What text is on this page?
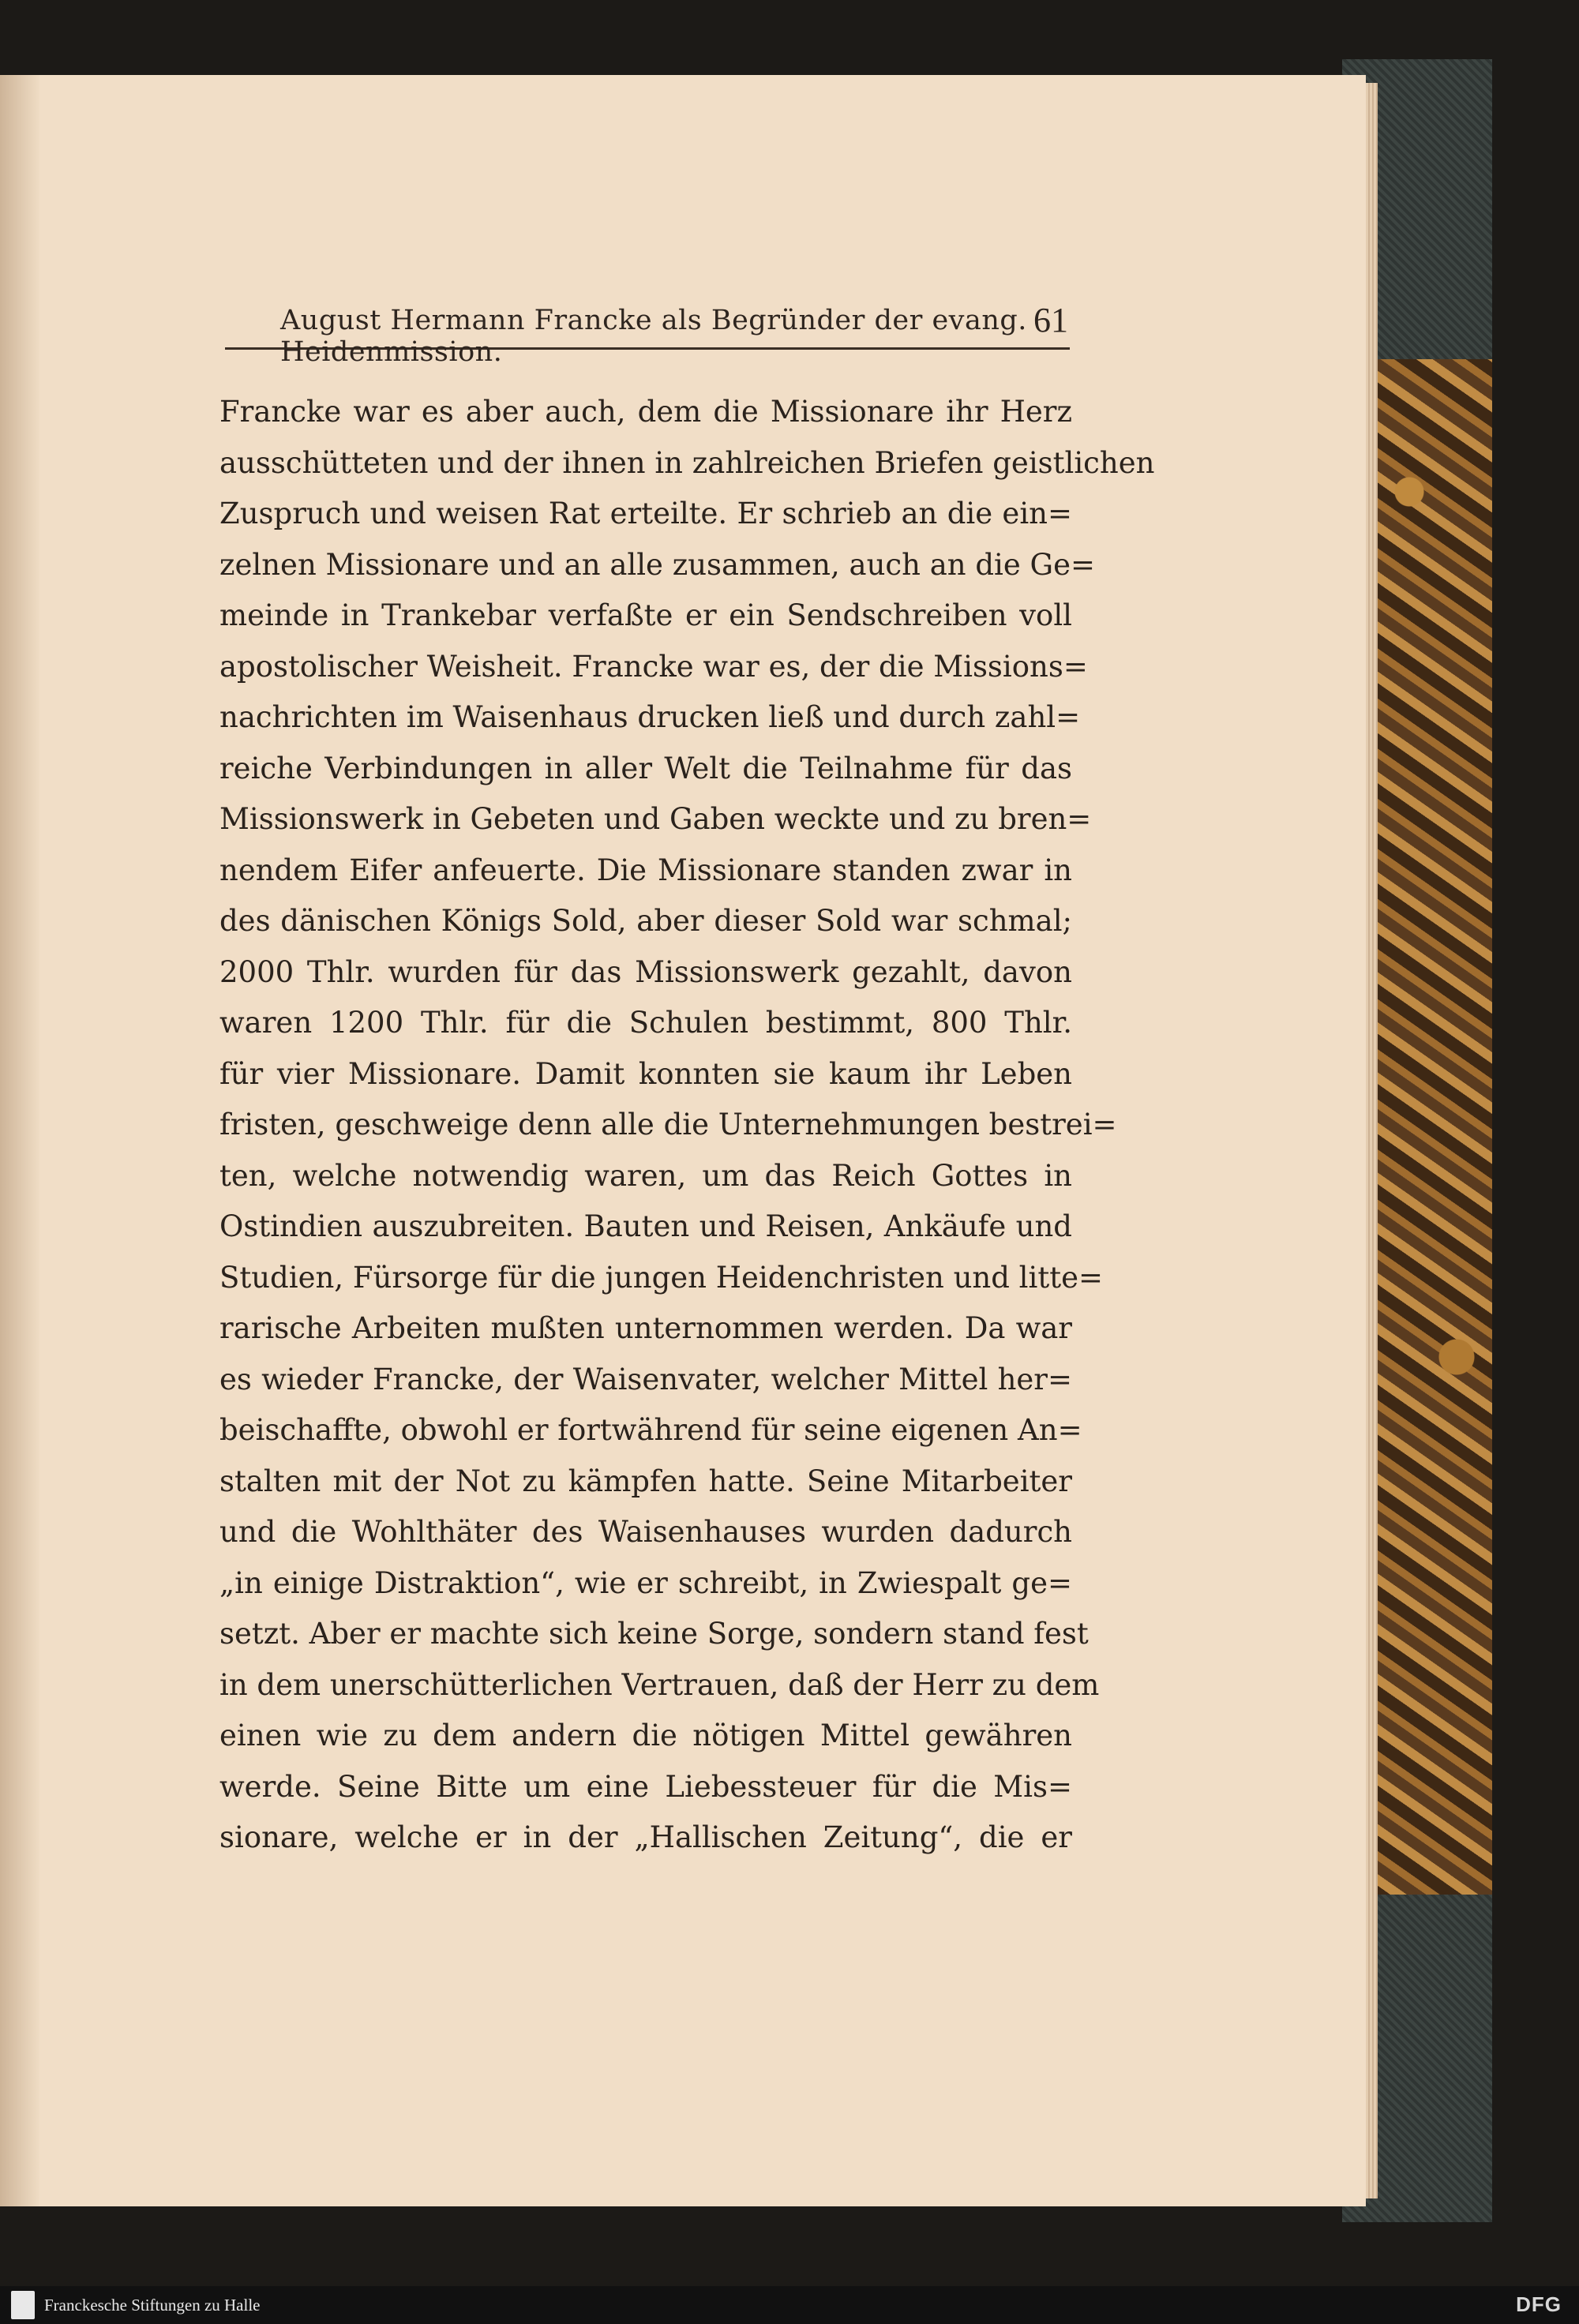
August Hermann Francke als Begründer der evang. Heidenmission.
61
Francke war es aber auch, dem die Missionare ihr Herz
ausschütteten und der ihnen in zahlreichen Briefen geistlichen
Zuspruch und weisen Rat erteilte. Er schrieb an die ein=
zelnen Missionare und an alle zusammen, auch an die Ge=
meinde in Trankebar verfaßte er ein Sendschreiben voll
apostolischer Weisheit. Francke war es, der die Missions=
nachrichten im Waisenhaus drucken ließ und durch zahl=
reiche Verbindungen in aller Welt die Teilnahme für das
Missionswerk in Gebeten und Gaben weckte und zu bren=
nendem Eifer anfeuerte. Die Missionare standen zwar in
des dänischen Königs Sold, aber dieser Sold war schmal;
2000 Thlr. wurden für das Missionswerk gezahlt, davon
waren 1200 Thlr. für die Schulen bestimmt, 800 Thlr.
für vier Missionare. Damit konnten sie kaum ihr Leben
fristen, geschweige denn alle die Unternehmungen bestrei=
ten, welche notwendig waren, um das Reich Gottes in
Ostindien auszubreiten. Bauten und Reisen, Ankäufe und
Studien, Fürsorge für die jungen Heidenchristen und litte=
rarische Arbeiten mußten unternommen werden. Da war
es wieder Francke, der Waisenvater, welcher Mittel her=
beischaffte, obwohl er fortwährend für seine eigenen An=
stalten mit der Not zu kämpfen hatte. Seine Mitarbeiter
und die Wohlthäter des Waisenhauses wurden dadurch
„in einige Distraktion“, wie er schreibt, in Zwiespalt ge=
setzt. Aber er machte sich keine Sorge, sondern stand fest
in dem unerschütterlichen Vertrauen, daß der Herr zu dem
einen wie zu dem andern die nötigen Mittel gewähren
werde. Seine Bitte um eine Liebessteuer für die Mis=
sionare, welche er in der „Hallischen Zeitung“, die er
Franckesche Stiftungen zu Halle	DFG
